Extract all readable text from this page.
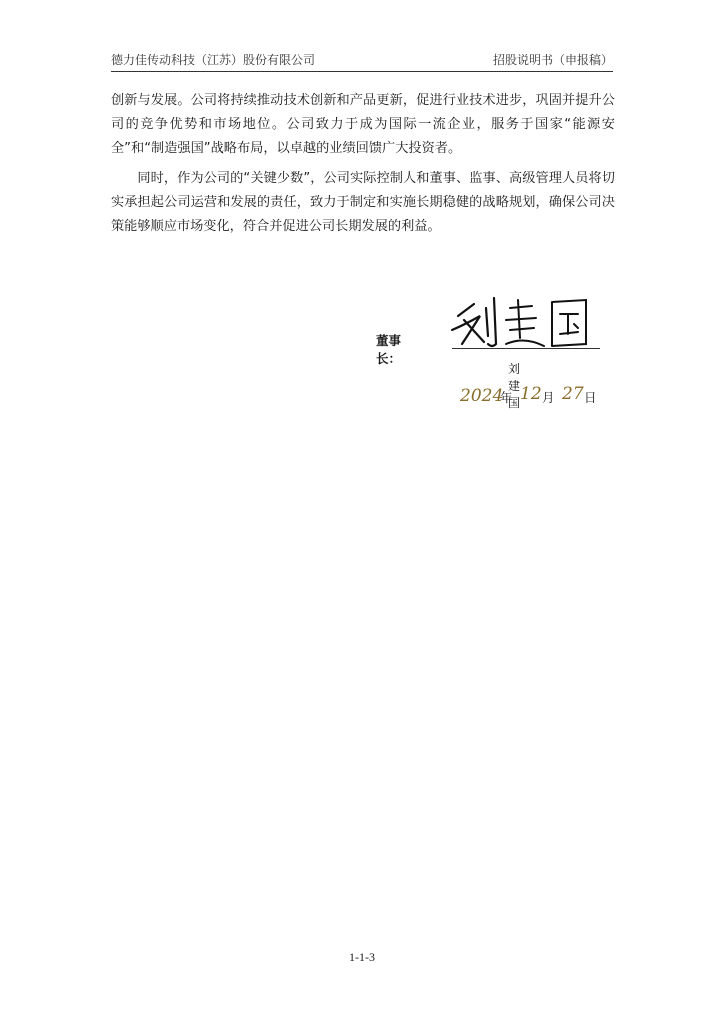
德力佳传动科技（江苏）股份有限公司	招股说明书（申报稿）

创新与发展。公司将持续推动技术创新和产品更新，促进行业技术进步，巩固并提升公司的竞争优势和市场地位。公司致力于成为国际一流企业，服务于国家“能源安全”和“制造强国”战略布局，以卓越的业绩回馈广大投资者。

同时，作为公司的“关键少数”，公司实际控制人和董事、监事、高级管理人员将切实承担起公司运营和发展的责任，致力于制定和实施长期稳健的战略规划，确保公司决策能够顺应市场变化，符合并促进公司长期发展的利益。

董事长：
刘建国
2024
年 12 月 27 日
1-1-3
